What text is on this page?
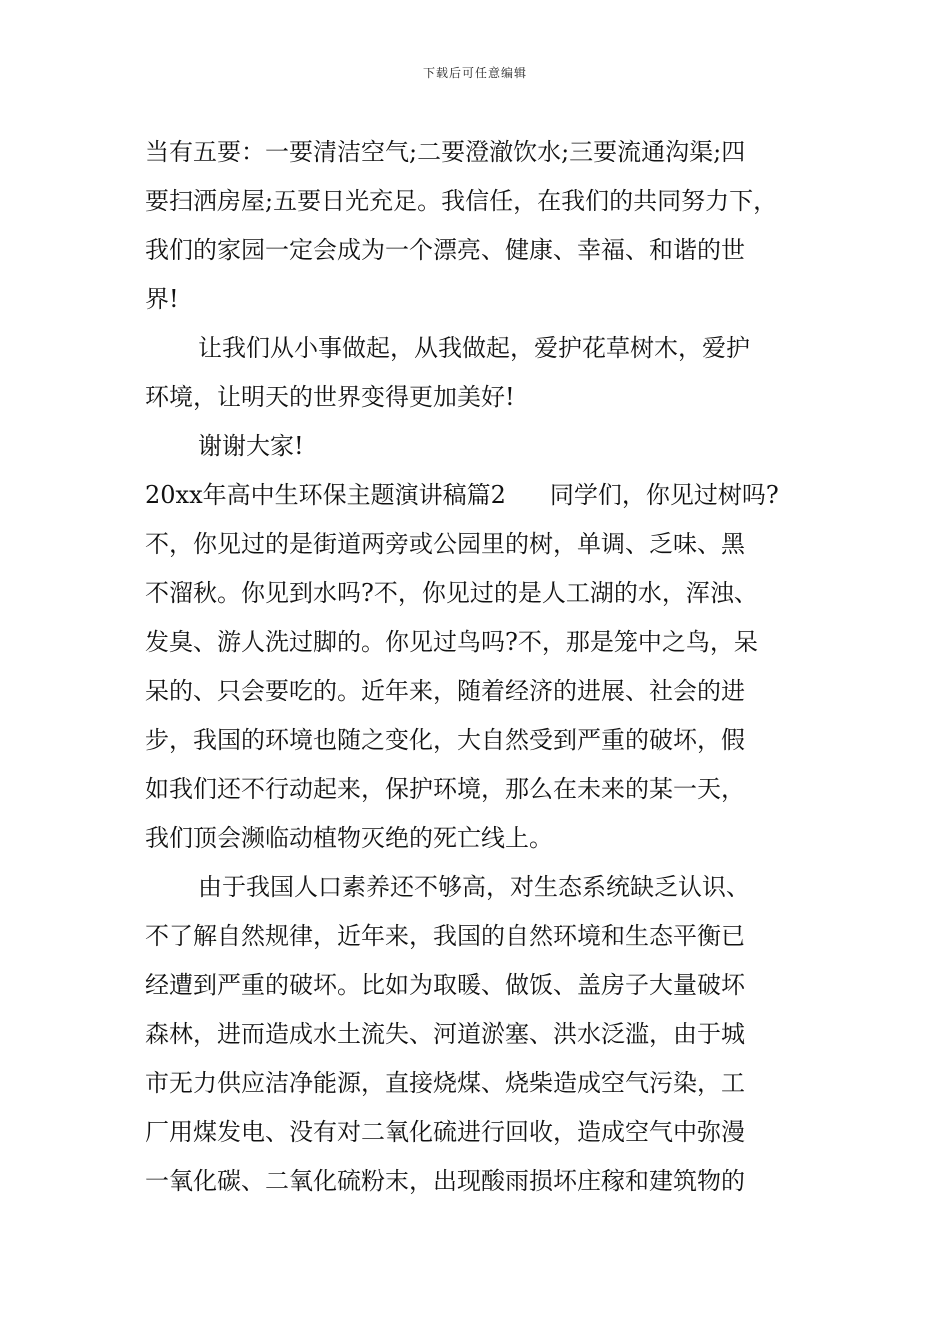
下载后可任意编辑
当有五要：一要清洁空气;二要澄澈饮水;三要流通沟渠;四
要扫洒房屋;五要日光充足。我信任，在我们的共同努力下，
我们的家园一定会成为一个漂亮、健康、幸福、和谐的世
界!
让我们从小事做起，从我做起，爱护花草树木，爱护
环境，让明天的世界变得更加美好!
谢谢大家!
20xx年高中生环保主题演讲稿篇2 同学们，你见过树吗?
不，你见过的是街道两旁或公园里的树，单调、乏味、黑
不溜秋。你见到水吗?不，你见过的是人工湖的水，浑浊、
发臭、游人洗过脚的。你见过鸟吗?不，那是笼中之鸟，呆
呆的、只会要吃的。近年来，随着经济的进展、社会的进
步，我国的环境也随之变化，大自然受到严重的破坏，假
如我们还不行动起来，保护环境，那么在未来的某一天，
我们顶会濒临动植物灭绝的死亡线上。
由于我国人口素养还不够高，对生态系统缺乏认识、
不了解自然规律，近年来，我国的自然环境和生态平衡已
经遭到严重的破坏。比如为取暖、做饭、盖房子大量破坏
森林，进而造成水土流失、河道淤塞、洪水泛滥，由于城
市无力供应洁净能源，直接烧煤、烧柴造成空气污染，工
厂用煤发电、没有对二氧化硫进行回收，造成空气中弥漫
一氧化碳、二氧化硫粉末，出现酸雨损坏庄稼和建筑物的
